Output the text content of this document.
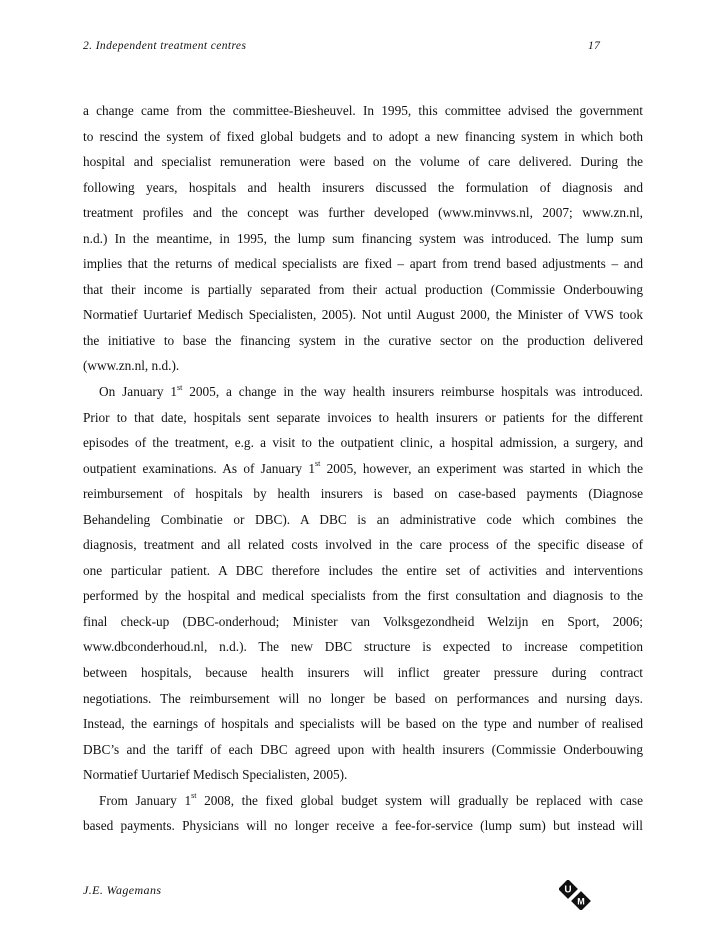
2. Independent treatment centres	17
a change came from the committee-Biesheuvel. In 1995, this committee advised the government
to rescind the system of fixed global budgets and to adopt a new financing system in which both
hospital and specialist remuneration were based on the volume of care delivered. During the
following years, hospitals and health insurers discussed the formulation of diagnosis and
treatment profiles and the concept was further developed (www.minvws.nl, 2007; www.zn.nl,
n.d.) In the meantime, in 1995, the lump sum financing system was introduced. The lump sum
implies that the returns of medical specialists are fixed – apart from trend based adjustments – and
that their income is partially separated from their actual production (Commissie Onderbouwing
Normatief Uurtarief Medisch Specialisten, 2005). Not until August 2000, the Minister of VWS took
the initiative to base the financing system in the curative sector on the production delivered
(www.zn.nl, n.d.).
On January 1st 2005, a change in the way health insurers reimburse hospitals was introduced.
Prior to that date, hospitals sent separate invoices to health insurers or patients for the different
episodes of the treatment, e.g. a visit to the outpatient clinic, a hospital admission, a surgery, and
outpatient examinations. As of January 1st 2005, however, an experiment was started in which the
reimbursement of hospitals by health insurers is based on case-based payments (Diagnose
Behandeling Combinatie or DBC). A DBC is an administrative code which combines the
diagnosis, treatment and all related costs involved in the care process of the specific disease of
one particular patient. A DBC therefore includes the entire set of activities and interventions
performed by the hospital and medical specialists from the first consultation and diagnosis to the
final check-up (DBC-onderhoud; Minister van Volksgezondheid Welzijn en Sport, 2006;
www.dbconderhoud.nl, n.d.). The new DBC structure is expected to increase competition
between hospitals, because health insurers will inflict greater pressure during contract
negotiations. The reimbursement will no longer be based on performances and nursing days.
Instead, the earnings of hospitals and specialists will be based on the type and number of realised
DBC’s and the tariff of each DBC agreed upon with health insurers (Commissie Onderbouwing
Normatief Uurtarief Medisch Specialisten, 2005).
From January 1st 2008, the fixed global budget system will gradually be replaced with case
based payments. Physicians will no longer receive a fee-for-service (lump sum) but instead will
J.E. Wagemans	U
M
